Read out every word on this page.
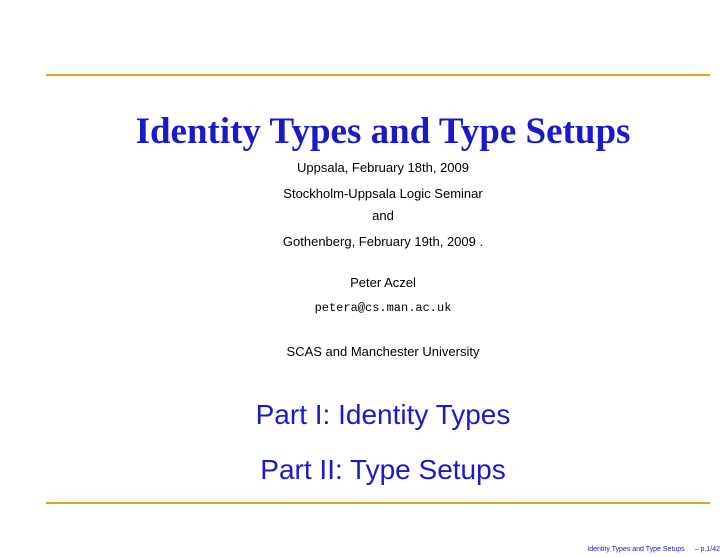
Identity Types and Type Setups
Uppsala, February 18th, 2009
Stockholm-Uppsala Logic Seminar
and
Gothenberg, February 19th, 2009 .
Peter Aczel
petera@cs.man.ac.uk
SCAS and Manchester University
Part I: Identity Types
Part II: Type Setups
Identity Types and Type Setups – p.1/42
